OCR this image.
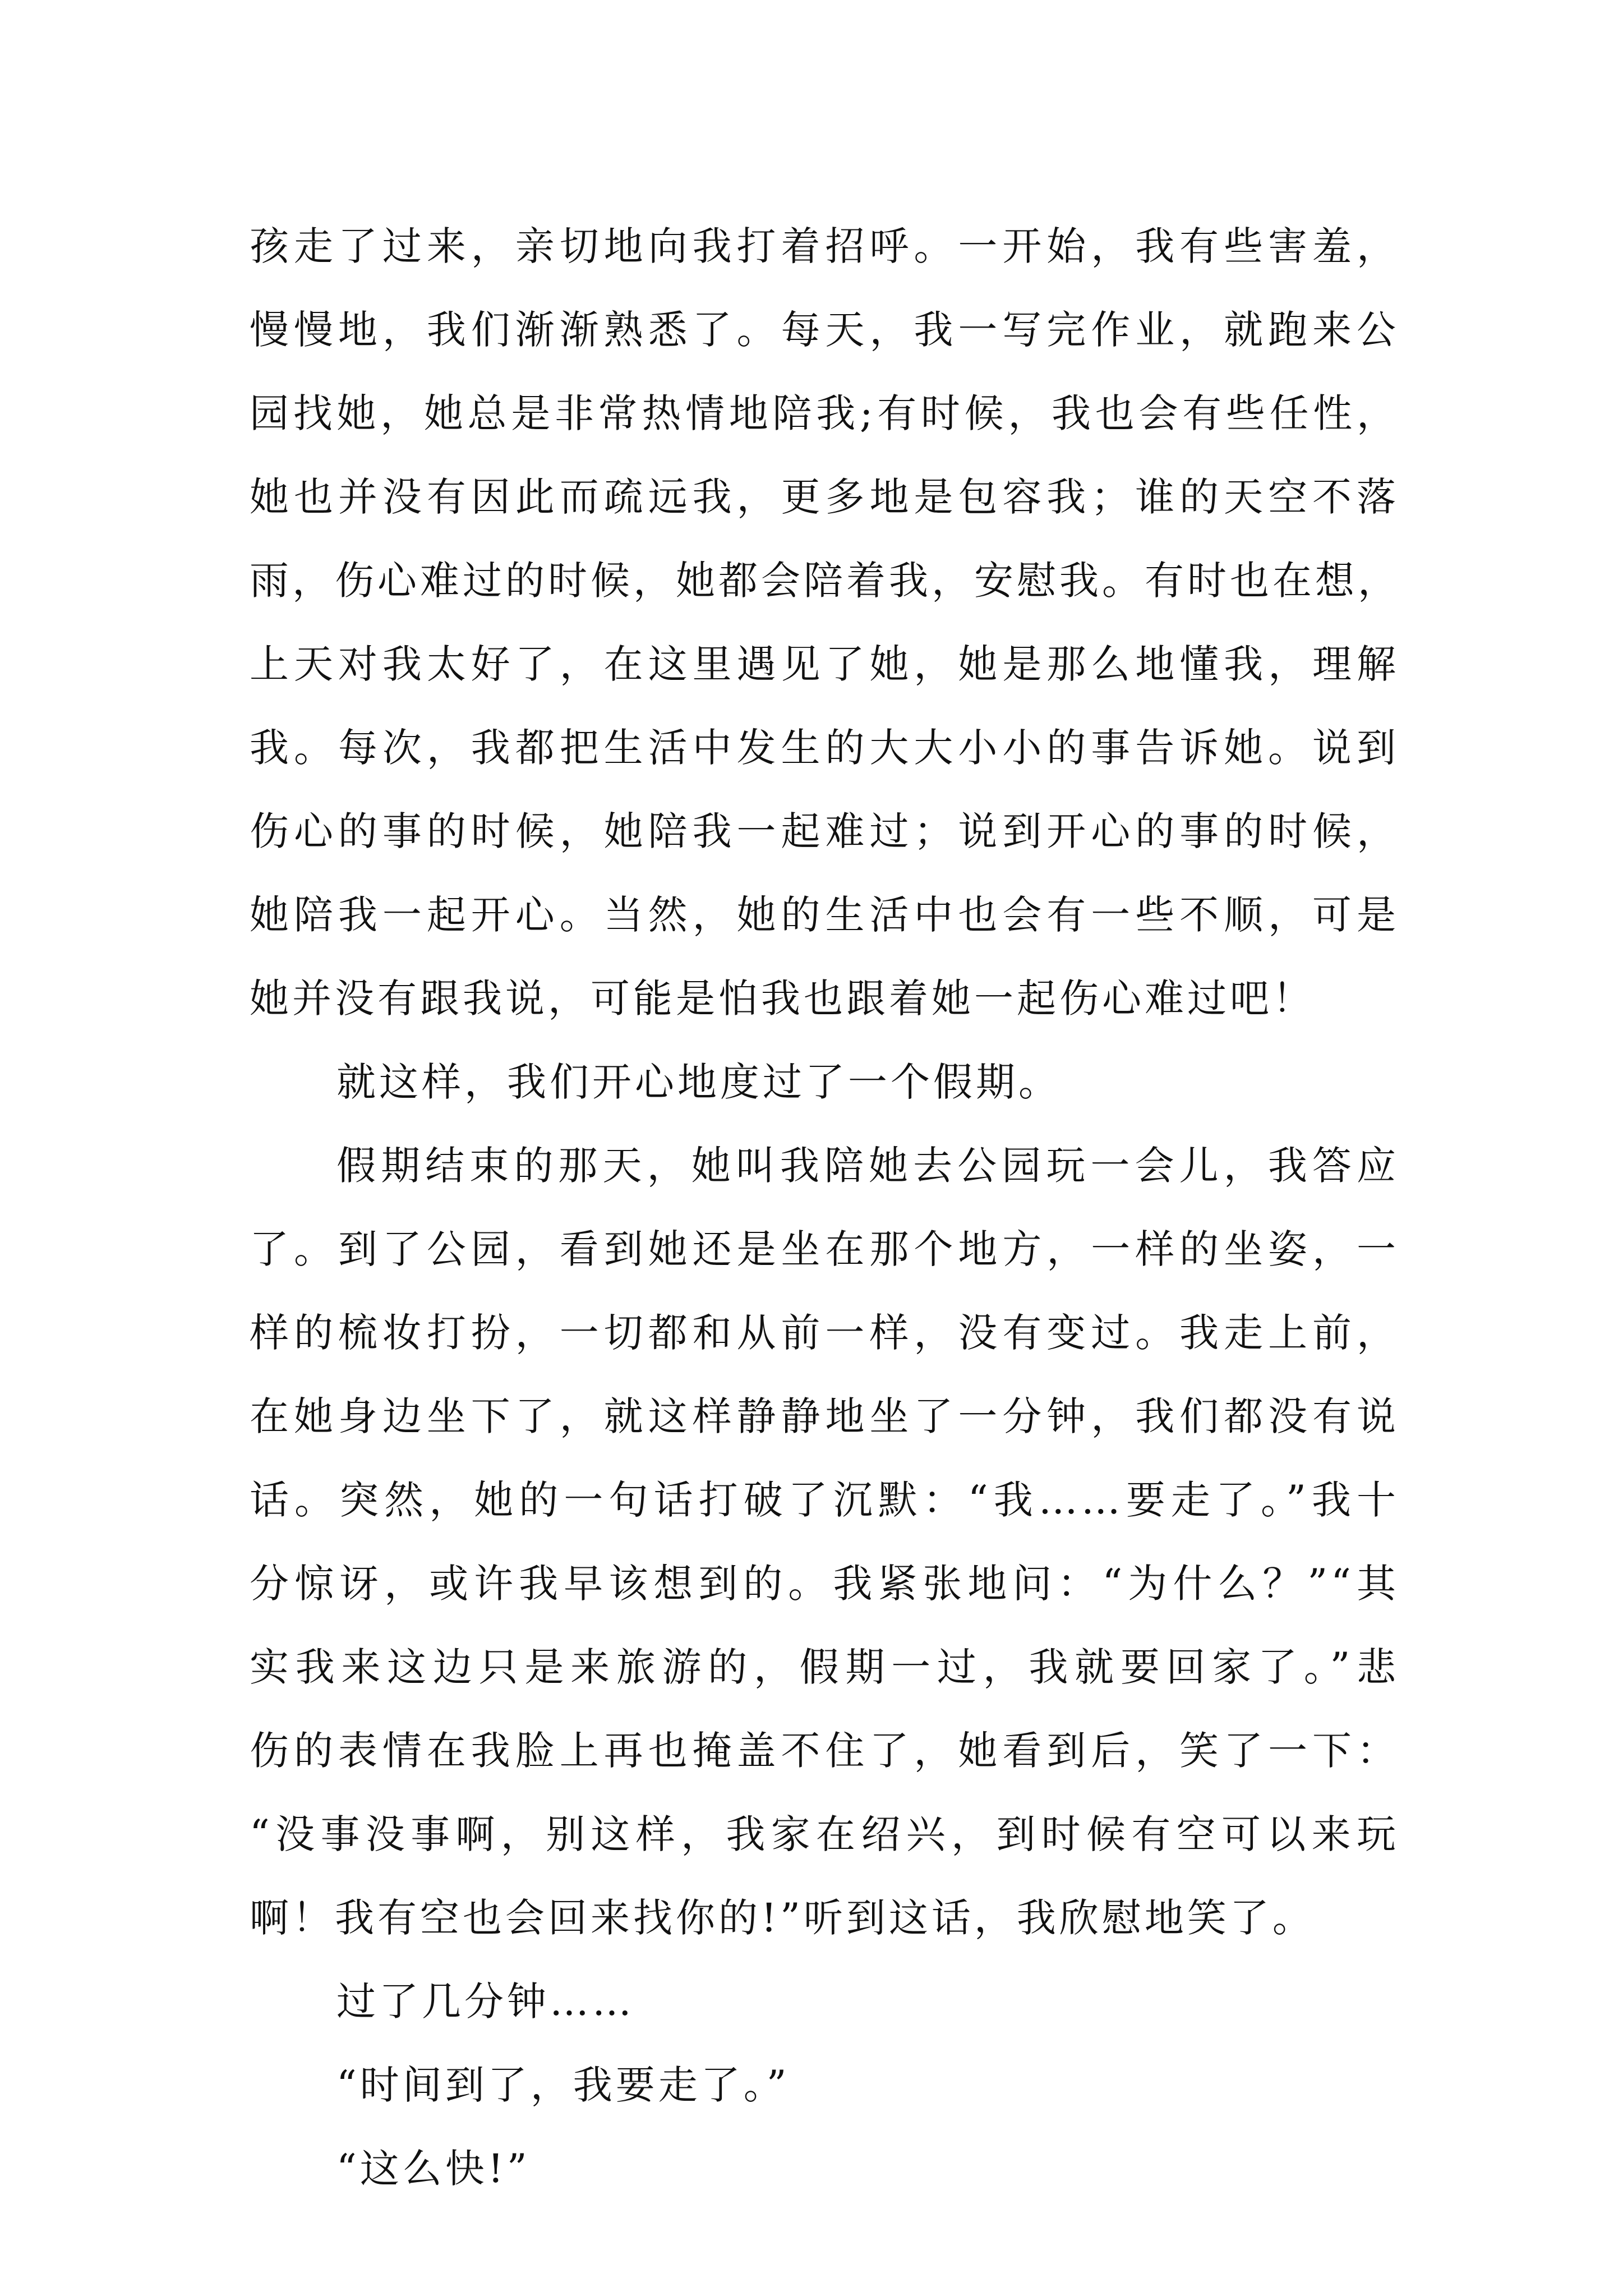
孩走了过来，亲切地向我打着招呼。一开始，我有些害羞，
慢慢地，我们渐渐熟悉了。每天，我一写完作业，就跑来公
园找她，她总是非常热情地陪我;有时候，我也会有些任性，
她也并没有因此而疏远我，更多地是包容我；谁的天空不落
雨，伤心难过的时候，她都会陪着我，安慰我。有时也在想，
上天对我太好了，在这里遇见了她，她是那么地懂我，理解
我。每次，我都把生活中发生的大大小小的事告诉她。说到
伤心的事的时候，她陪我一起难过；说到开心的事的时候，
她陪我一起开心。当然，她的生活中也会有一些不顺，可是
她并没有跟我说，可能是怕我也跟着她一起伤心难过吧！
就这样，我们开心地度过了一个假期。
假期结束的那天，她叫我陪她去公园玩一会儿，我答应
了。到了公园，看到她还是坐在那个地方，一样的坐姿，一
样的梳妆打扮，一切都和从前一样，没有变过。我走上前，
在她身边坐下了，就这样静静地坐了一分钟，我们都没有说
话。突然，她的一句话打破了沉默：“我……要走了。”我十
分惊讶，或许我早该想到的。我紧张地问：“为什么？”“其
实我来这边只是来旅游的，假期一过，我就要回家了。”悲
伤的表情在我脸上再也掩盖不住了，她看到后，笑了一下：
“没事没事啊，别这样，我家在绍兴，到时候有空可以来玩
啊！我有空也会回来找你的!”听到这话，我欣慰地笑了。
过了几分钟……
“时间到了，我要走了。”
“这么快!”
